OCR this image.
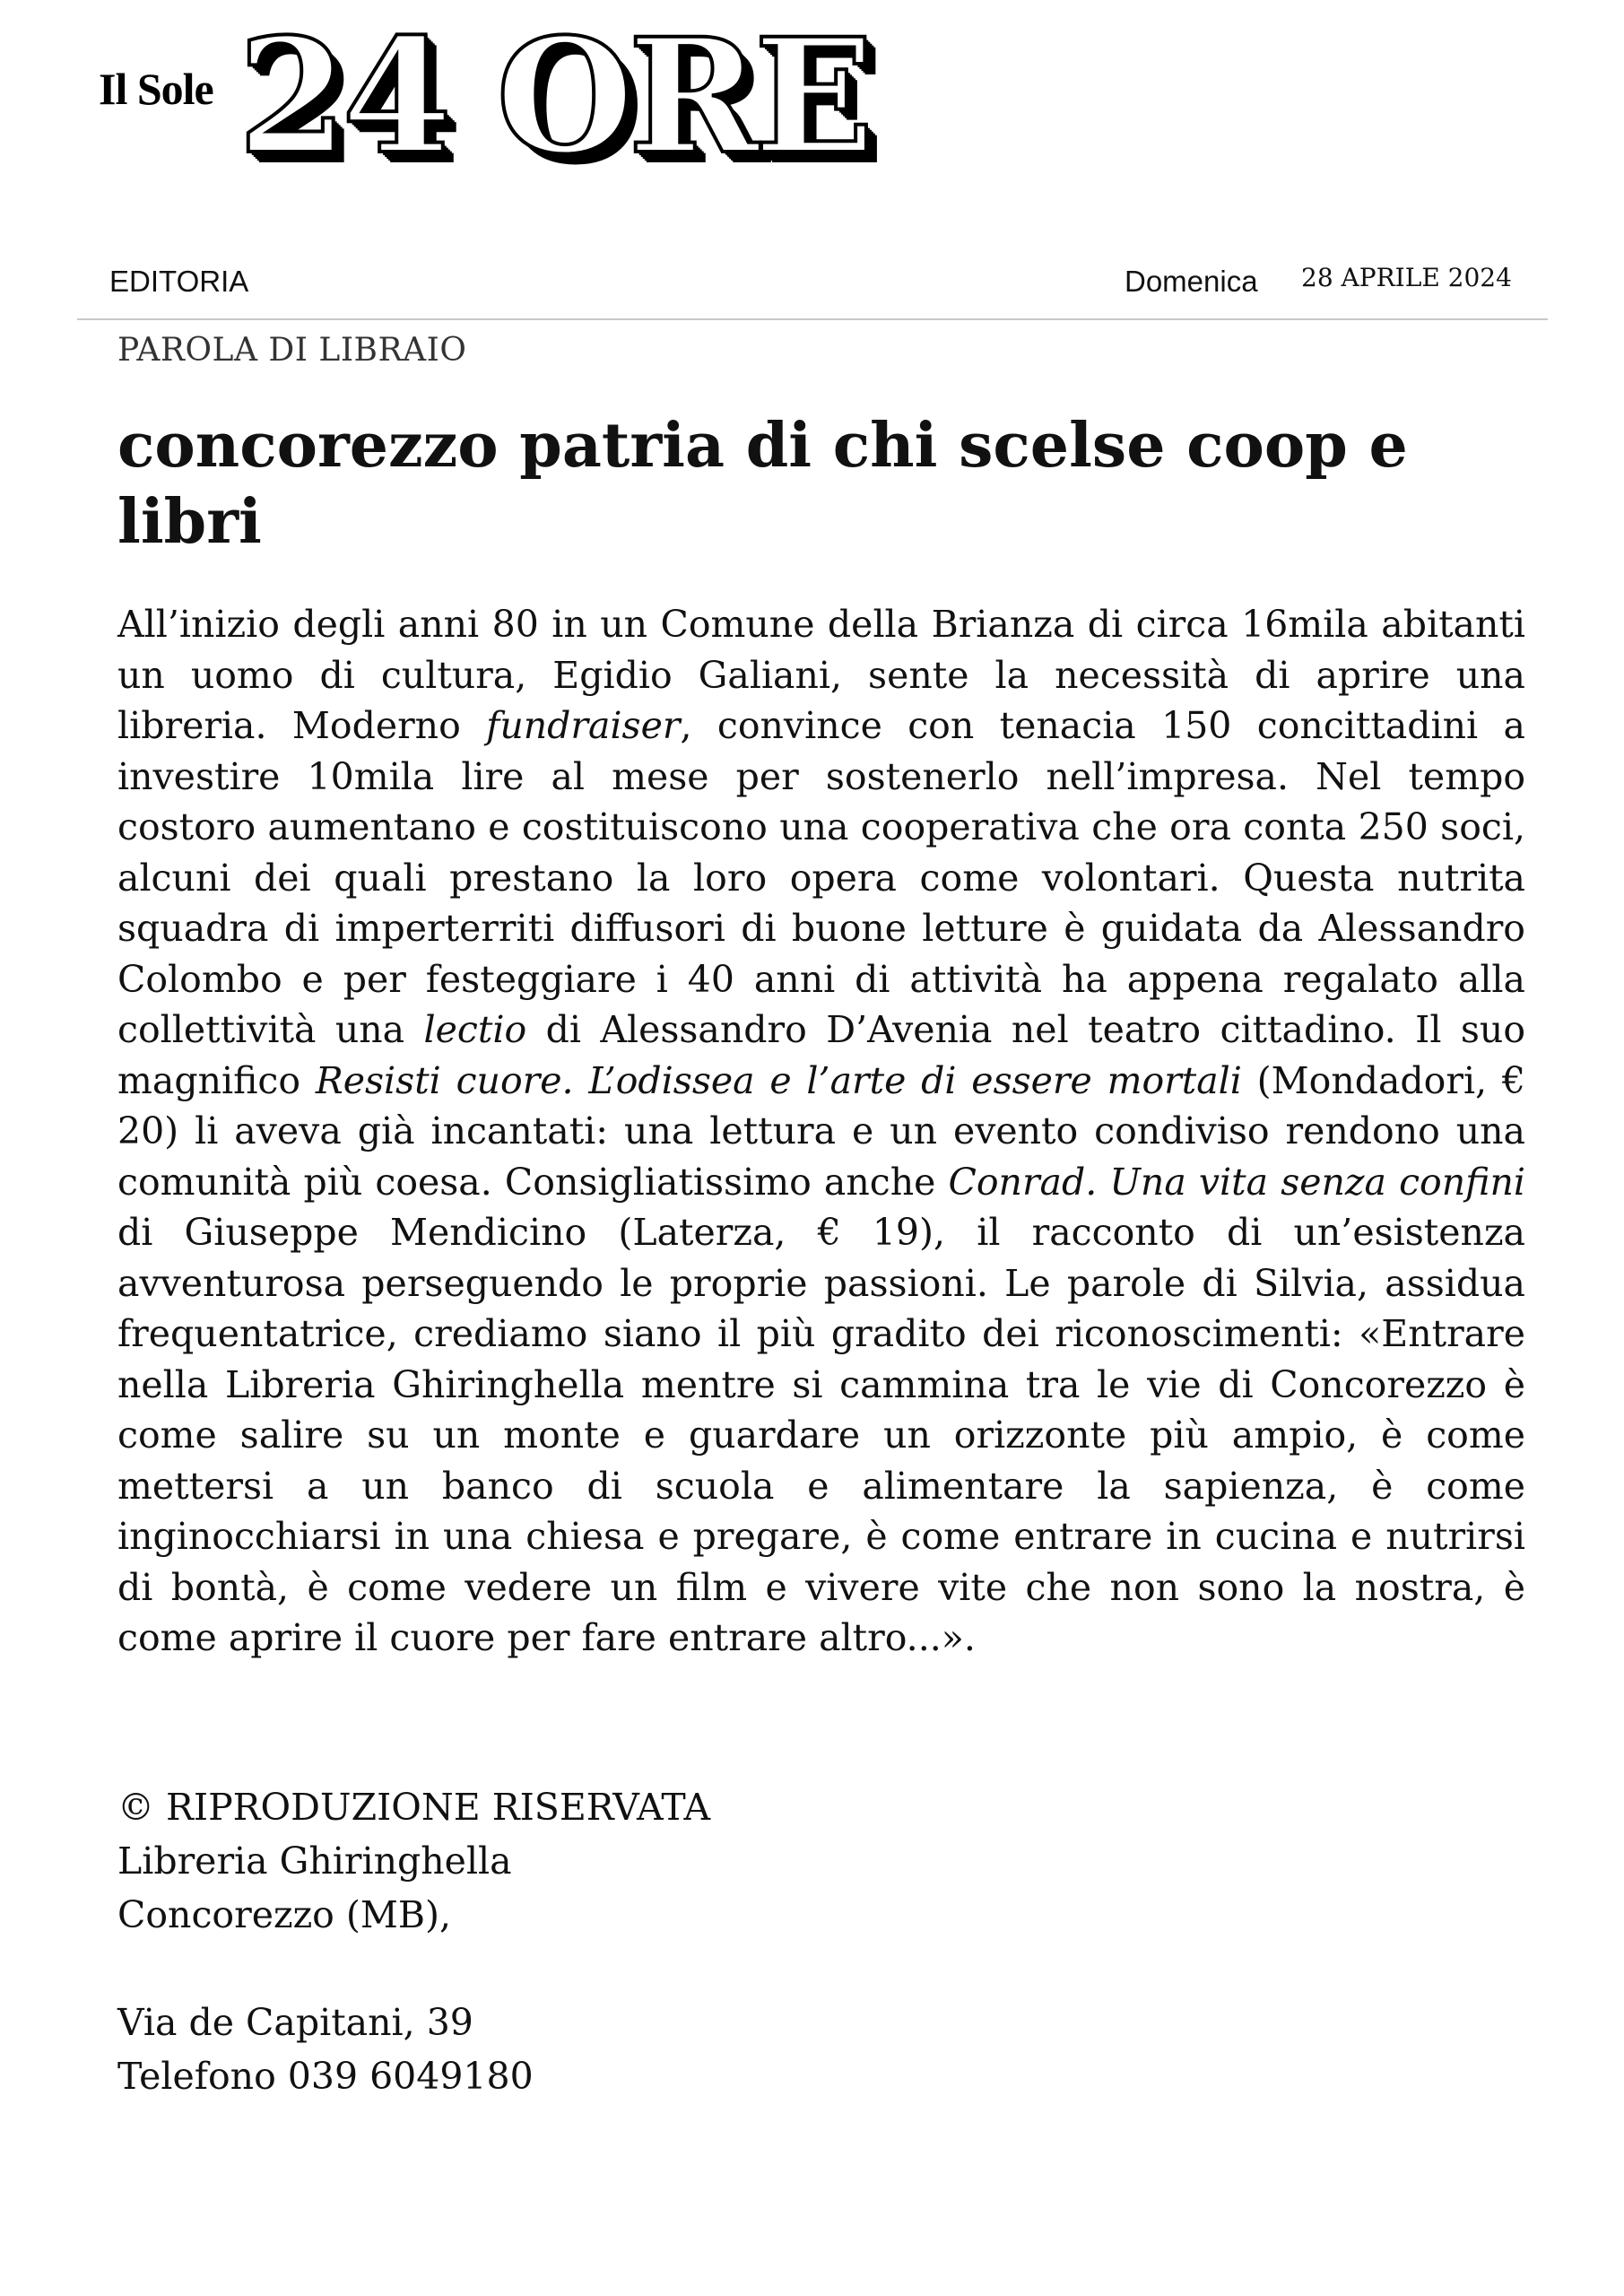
Il Sole 24 ORE
EDITORIA	Domenica 28 APRILE 2024
PAROLA DI LIBRAIO
concorezzo patria di chi scelse coop e libri

All’inizio degli anni 80 in un Comune della Brianza di circa 16mila abitanti un uomo di cultura, Egidio Galiani, sente la necessità di aprire una libreria. Moderno fundraiser, convince con tenacia 150 concittadini a investire 10mila lire al mese per sostenerlo nell’impresa. Nel tempo costoro aumentano e costituiscono una cooperativa che ora conta 250 soci, alcuni dei quali prestano la loro opera come volontari. Questa nutrita squadra di imperterriti diffusori di buone letture è guidata da Alessandro Colombo e per festeggiare i 40 anni di attività ha appena regalato alla collettività una lectio di Alessandro D’Avenia nel teatro cittadino. Il suo magnifico Resisti cuore. L’odissea e l’arte di essere mortali (Mondadori, € 20) li aveva già incantati: una lettura e un evento condiviso rendono una comunità più coesa. Consigliatissimo anche Conrad. Una vita senza confini di Giuseppe Mendicino (Laterza, € 19), il racconto di un’esistenza avventurosa perseguendo le proprie passioni. Le parole di Silvia, assidua frequentatrice, crediamo siano il più gradito dei riconoscimenti: «Entrare nella Libreria Ghiringhella mentre si cammina tra le vie di Concorezzo è come salire su un monte e guardare un orizzonte più ampio, è come mettersi a un banco di scuola e alimentare la sapienza, è come inginocchiarsi in una chiesa e pregare, è come entrare in cucina e nutrirsi di bontà, è come vedere un film e vivere vite che non sono la nostra, è come aprire il cuore per fare entrare altro...».

© RIPRODUZIONE RISERVATA
Libreria Ghiringhella
Concorezzo (MB),
Via de Capitani, 39
Telefono 039 6049180
